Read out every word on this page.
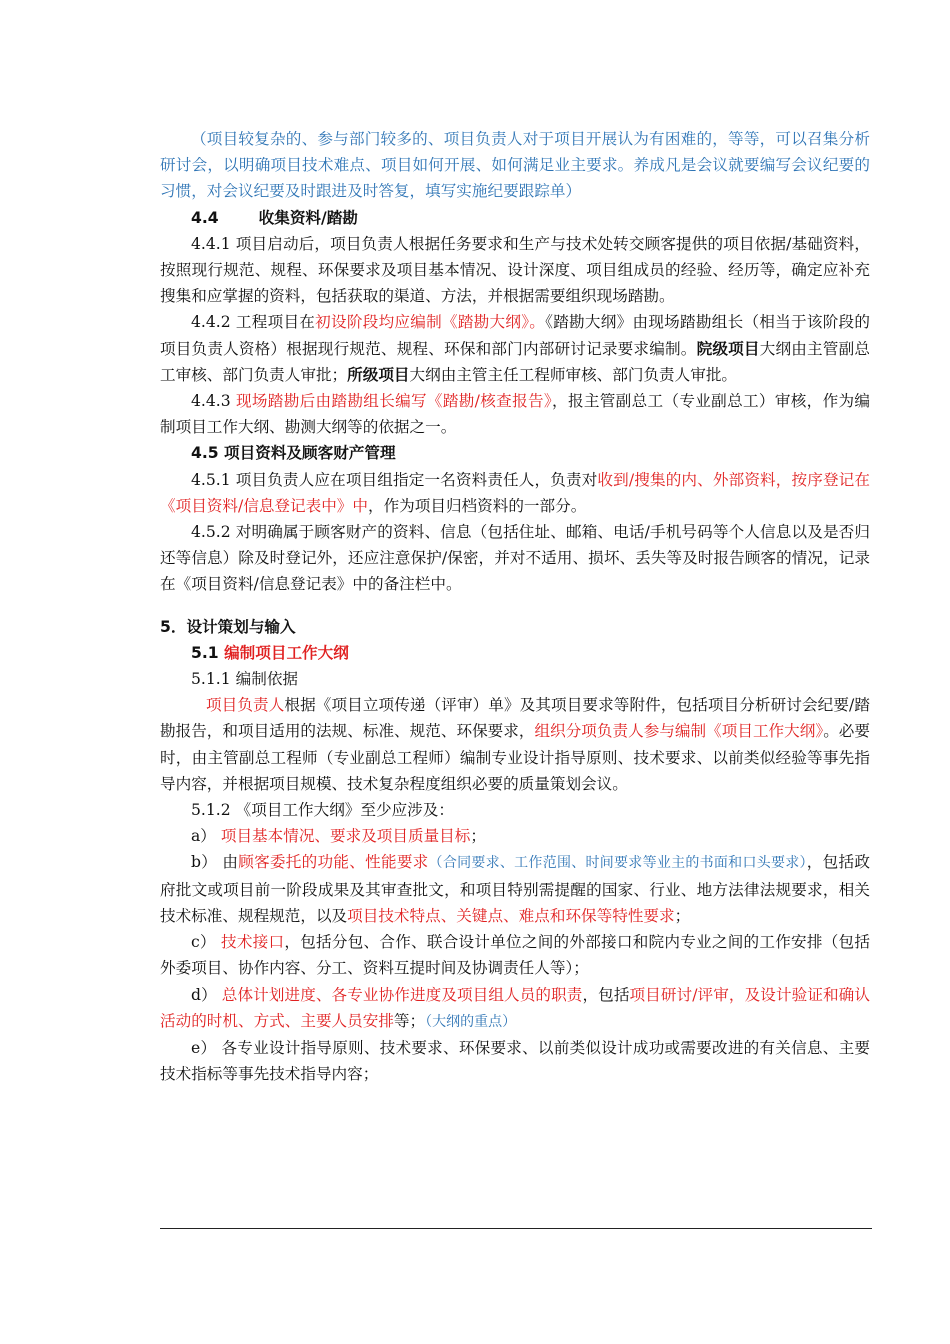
（项目较复杂的、参与部门较多的、项目负责人对于项目开展认为有困难的，等等，可以召集分析研讨会，以明确项目技术难点、项目如何开展、如何满足业主要求。养成凡是会议就要编写会议纪要的习惯，对会议纪要及时跟进及时答复，填写实施纪要跟踪单）

4.4	收集资料/踏勘

4.4.1 项目启动后，项目负责人根据任务要求和生产与技术处转交顾客提供的项目依据/基础资料，按照现行规范、规程、环保要求及项目基本情况、设计深度、项目组成员的经验、经历等，确定应补充搜集和应掌握的资料，包括获取的渠道、方法，并根据需要组织现场踏勘。

4.4.2 工程项目在初设阶段均应编制《踏勘大纲》。《踏勘大纲》由现场踏勘组长（相当于该阶段的项目负责人资格）根据现行规范、规程、环保和部门内部研讨记录要求编制。院级项目大纲由主管副总工审核、部门负责人审批；所级项目大纲由主管主任工程师审核、部门负责人审批。

4.4.3 现场踏勘后由踏勘组长编写《踏勘/核查报告》，报主管副总工（专业副总工）审核，作为编制项目工作大纲、勘测大纲等的依据之一。

4.5 项目资料及顾客财产管理

4.5.1 项目负责人应在项目组指定一名资料责任人，负责对收到/搜集的内、外部资料，按序登记在《项目资料/信息登记表中》中，作为项目归档资料的一部分。

4.5.2 对明确属于顾客财产的资料、信息（包括住址、邮箱、电话/手机号码等个人信息以及是否归还等信息）除及时登记外，还应注意保护/保密，并对不适用、损坏、丢失等及时报告顾客的情况，记录在《项目资料/信息登记表》中的备注栏中。

5．设计策划与输入

5.1 编制项目工作大纲

5.1.1 编制依据

项目负责人根据《项目立项传递（评审）单》及其项目要求等附件，包括项目分析研讨会纪要/踏勘报告，和项目适用的法规、标准、规范、环保要求，组织分项负责人参与编制《项目工作大纲》。必要时，由主管副总工程师（专业副总工程师）编制专业设计指导原则、技术要求、以前类似经验等事先指导内容，并根据项目规模、技术复杂程度组织必要的质量策划会议。

5.1.2 《项目工作大纲》至少应涉及：

a） 项目基本情况、要求及项目质量目标；

b） 由顾客委托的功能、性能要求（合同要求、工作范围、时间要求等业主的书面和口头要求），包括政府批文或项目前一阶段成果及其审查批文，和项目特别需提醒的国家、行业、地方法律法规要求，相关技术标准、规程规范，以及项目技术特点、关键点、难点和环保等特性要求；

c） 技术接口，包括分包、合作、联合设计单位之间的外部接口和院内专业之间的工作安排（包括外委项目、协作内容、分工、资料互提时间及协调责任人等）；

d） 总体计划进度、各专业协作进度及项目组人员的职责，包括项目研讨/评审，及设计验证和确认活动的时机、方式、主要人员安排等；（大纲的重点）

e） 各专业设计指导原则、技术要求、环保要求、以前类似设计成功或需要改进的有关信息、主要技术指标等事先技术指导内容；
